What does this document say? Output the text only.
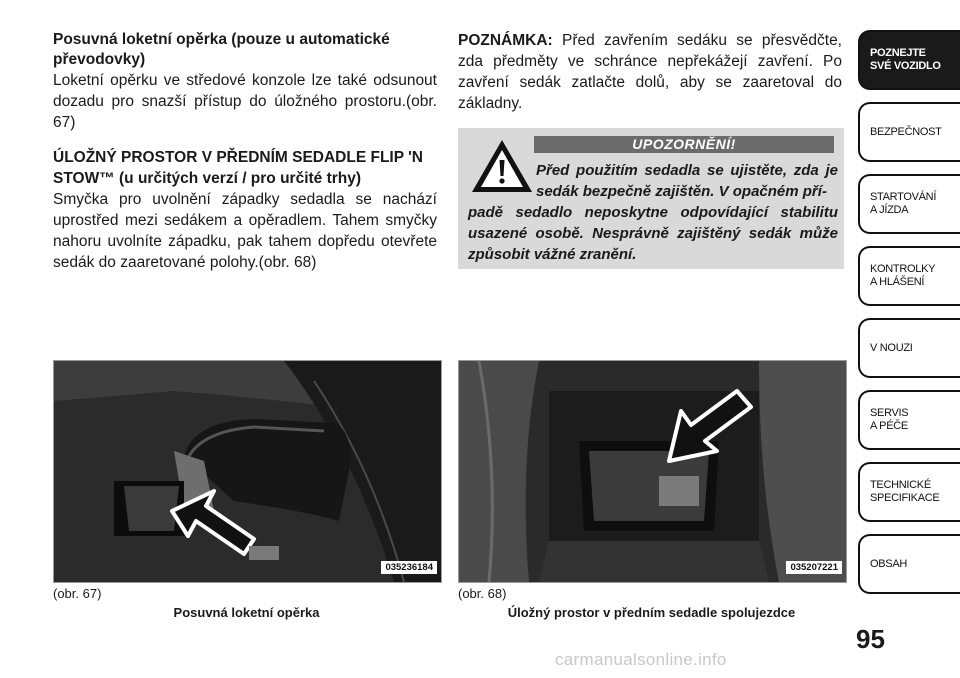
Posuvná loketní opěrka (pouze u automatické převodovky)

Loketní opěrku ve středové konzole lze také odsunout dozadu pro snazší přístup do úložného prostoru.(obr. 67)

ÚLOŽNÝ PROSTOR V PŘEDNÍM SEDADLE FLIP 'N STOW™ (u určitých verzí / pro určité trhy)

Smyčka pro uvolnění západky sedadla se nachází uprostřed mezi sedákem a opěradlem. Tahem smyčky nahoru uvolníte západku, pak tahem dopředu otevřete sedák do zaaretované polohy.(obr. 68)

POZNÁMKA: Před zavřením sedáku se přesvědčte, zda předměty ve schránce nepřekážejí zavření. Po zavření sedák zatlačte dolů, aby se zaaretoval do základny.

UPOZORNĚNÍ!
Před použitím sedadla se ujistěte, zda je sedák bezpečně zajištěn. V opačném pří-
padě sedadlo neposkytne odpovídající stabilitu usazené osobě. Nesprávně zajištěný sedák může způsobit vážné zranění.
035236184	035207221
(obr. 67)
Posuvná loketní opěrka
(obr. 68)
Úložný prostor v předním sedadle spolujezdce
POZNEJTE
SVÉ VOZIDLO
BEZPEČNOST
STARTOVÁNÍ
A JÍZDA
KONTROLKY
A HLÁŠENÍ
V NOUZI
SERVIS
A PÉČE
TECHNICKÉ
SPECIFIKACE
OBSAH
95
carmanualsonline.info
